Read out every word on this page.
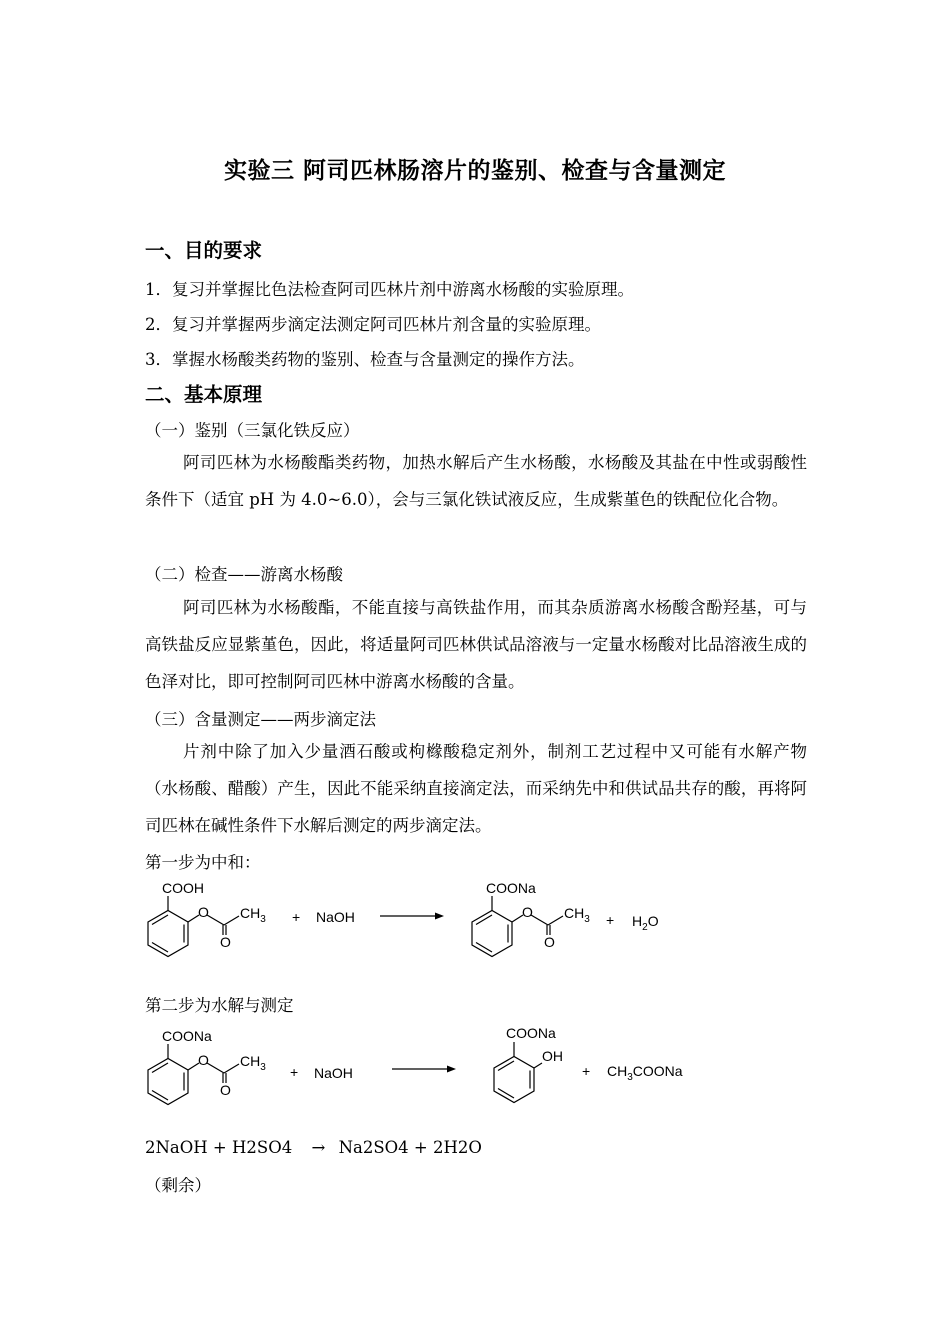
实验三 阿司匹林肠溶片的鉴别、检查与含量测定
一、目的要求
1．复习并掌握比色法检查阿司匹林片剂中游离水杨酸的实验原理。
2．复习并掌握两步滴定法测定阿司匹林片剂含量的实验原理。
3．掌握水杨酸类药物的鉴别、检查与含量测定的操作方法。
二、基本原理
（一）鉴别（三氯化铁反应）
阿司匹林为水杨酸酯类药物，加热水解后产生水杨酸，水杨酸及其盐在中性或弱酸性条件下（适宜 pH 为 4.0~6.0），会与三氯化铁试液反应，生成紫堇色的铁配位化合物。
（二）检查——游离水杨酸
阿司匹林为水杨酸酯，不能直接与高铁盐作用，而其杂质游离水杨酸含酚羟基，可与高铁盐反应显紫堇色，因此，将适量阿司匹林供试品溶液与一定量水杨酸对比品溶液生成的色泽对比，即可控制阿司匹林中游离水杨酸的含量。
（三）含量测定——两步滴定法
片剂中除了加入少量酒石酸或枸橼酸稳定剂外，制剂工艺过程中又可能有水解产物（水杨酸、醋酸）产生，因此不能采纳直接滴定法，而采纳先中和供试品共存的酸，再将阿司匹林在碱性条件下水解后测定的两步滴定法。
第一步为中和：
COOH
O $CH_3$
O
+ NaOH
COONa
O $CH_3$
O
+ $H_2O$
第二步为水解与测定
COONa
O $CH_3$
O
+ NaOH
COONa
OH
+ $CH_3COONa$
2NaOH + H2SO4 → Na2SO4 + 2H2O
（剩余）
